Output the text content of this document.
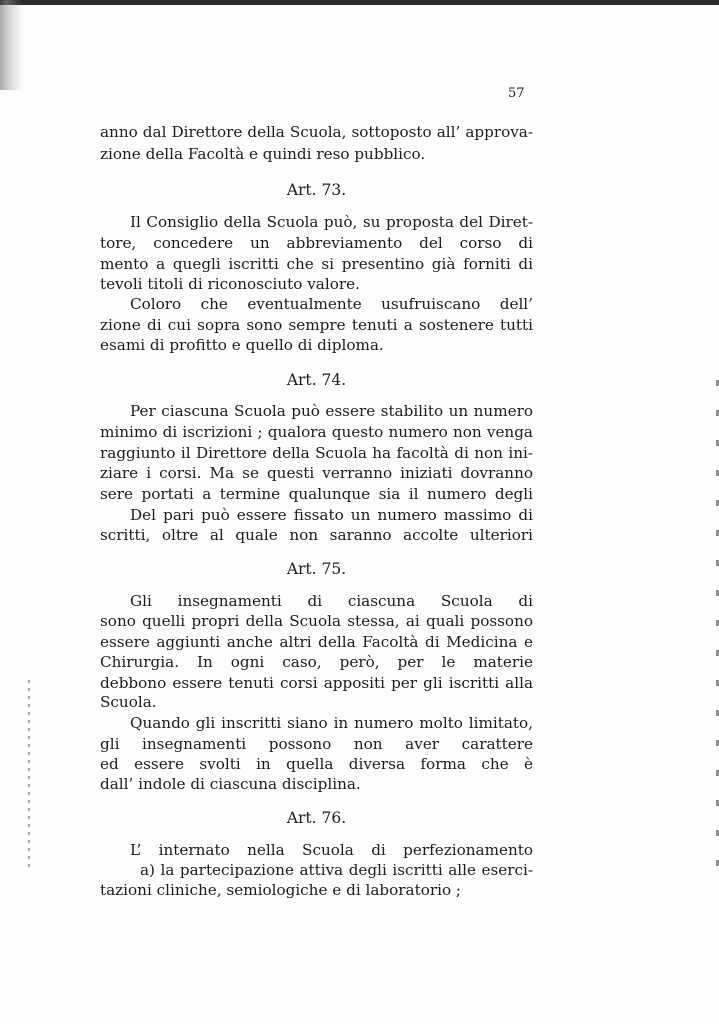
57
anno dal Direttore della Scuola, sottoposto all’ approva-
zione della Facoltà e quindi reso pubblico.
Art. 73.
Il Consiglio della Scuola può, su proposta del Diret-
tore, concedere un abbreviamento del corso di
mento a quegli iscritti che si presentino già forniti di
tevoli titoli di riconosciuto valore.
Coloro che eventualmente usufruiscano dell’
zione di cui sopra sono sempre tenuti a sostenere tutti
esami di profitto e quello di diploma.
Art. 74.
Per ciascuna Scuola può essere stabilito un numero
minimo di iscrizioni ; qualora questo numero non venga
raggiunto il Direttore della Scuola ha facoltà di non ini-
ziare i corsi. Ma se questi verranno iniziati dovranno
sere portati a termine qualunque sia il numero degli
Del pari può essere fissato un numero massimo di
scritti, oltre al quale non saranno accolte ulteriori
Art. 75.
Gli insegnamenti di ciascuna Scuola di
sono quelli propri della Scuola stessa, ai quali possono
essere aggiunti anche altri della Facoltà di Medicina e
Chirurgia. In ogni caso, però, per le materie
debbono essere tenuti corsi appositi per gli iscritti alla
Scuola.
Quando gli inscritti siano in numero molto limitato,
gli insegnamenti possono non aver carattere
ed essere svolti in quella diversa forma che è
dall’ indole di ciascuna disciplina.
Art. 76.
L’ internato nella Scuola di perfezionamento
a) la partecipazione attiva degli iscritti alle eserci-
tazioni cliniche, semiologiche e di laboratorio ;
